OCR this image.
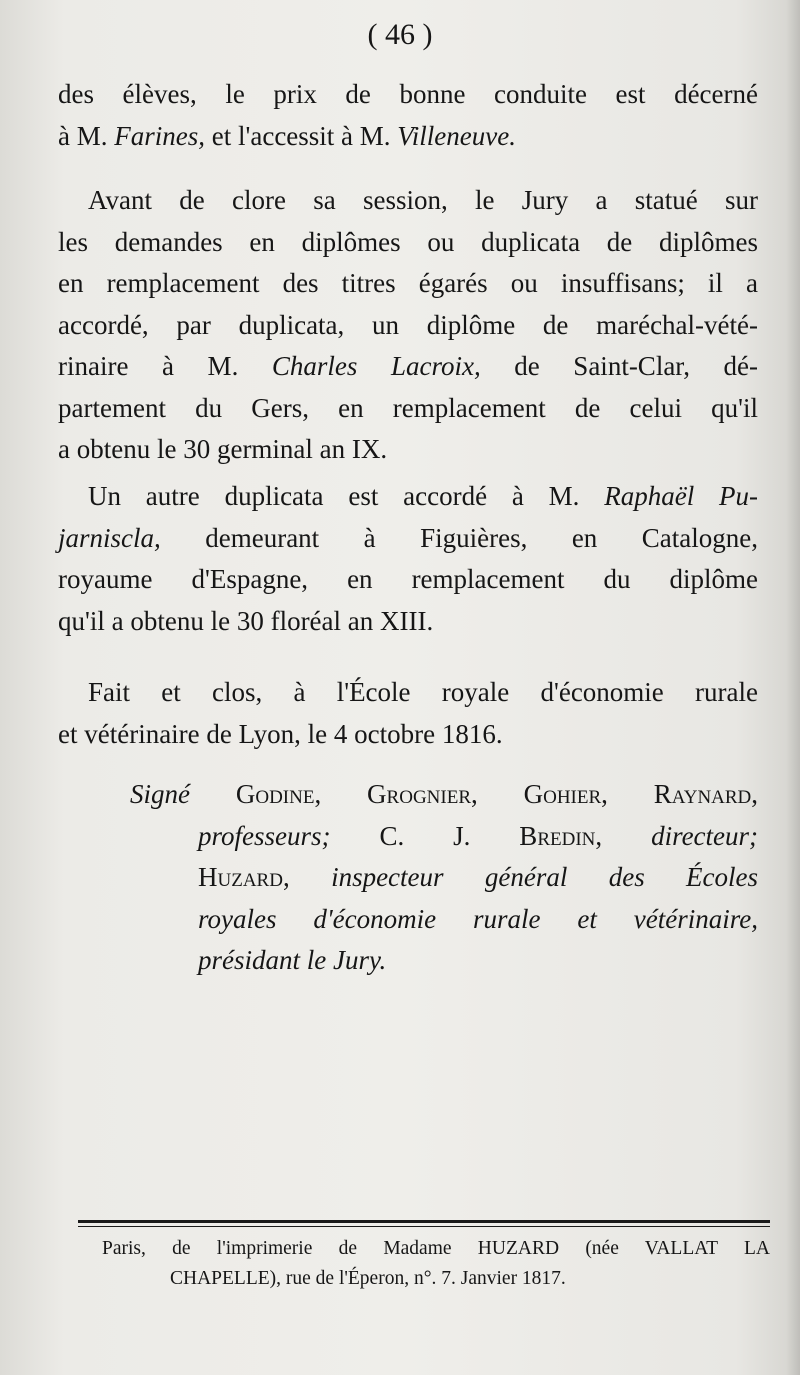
( 46 )
des élèves, le prix de bonne conduite est décerné
à M. Farines, et l'accessit à M. Villeneuve.
Avant de clore sa session, le Jury a statué sur
les demandes en diplômes ou duplicata de diplômes
en remplacement des titres égarés ou insuffisans; il a
accordé, par duplicata, un diplôme de maréchal-vété-
rinaire à M. Charles Lacroix, de Saint-Clar, dé-
partement du Gers, en remplacement de celui qu'il
a obtenu le 30 germinal an IX.
Un autre duplicata est accordé à M. Raphaël Pu-
jarniscla, demeurant à Figuières, en Catalogne,
royaume d'Espagne, en remplacement du diplôme
qu'il a obtenu le 30 floréal an XIII.
Fait et clos, à l'École royale d'économie rurale
et vétérinaire de Lyon, le 4 octobre 1816.
Signé Godine, Grognier, Gohier, Raynard,
professeurs; C. J. Bredin, directeur;
Huzard, inspecteur général des Écoles
royales d'économie rurale et vétérinaire,
présidant le Jury.
Paris, de l'imprimerie de Madame HUZARD (née VALLAT LA
CHAPELLE), rue de l'Éperon, n°. 7. Janvier 1817.
